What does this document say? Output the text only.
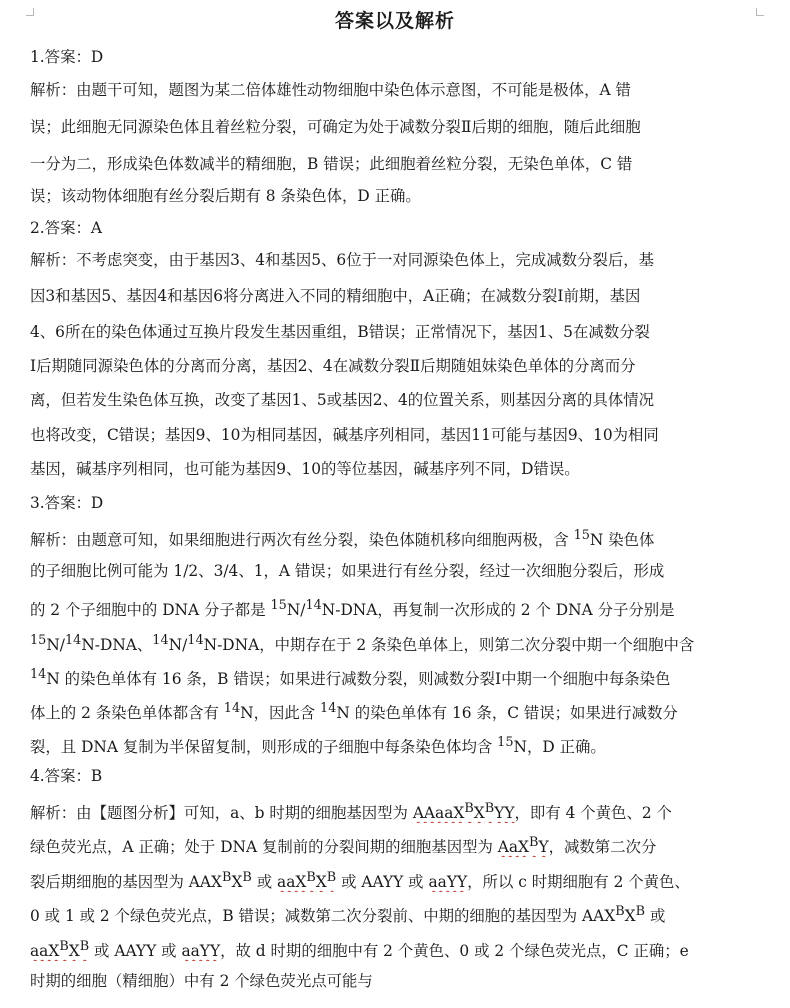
答案以及解析
1.答案：D
解析：由题干可知，题图为某二倍体雄性动物细胞中染色体示意图，不可能是极体，A 错
误；此细胞无同源染色体且着丝粒分裂，可确定为处于减数分裂Ⅱ后期的细胞，随后此细胞
一分为二，形成染色体数减半的精细胞，B 错误；此细胞着丝粒分裂，无染色单体，C 错
误；该动物体细胞有丝分裂后期有 8 条染色体，D 正确。
2.答案：A
解析：不考虑突变，由于基因3、4和基因5、6位于一对同源染色体上，完成减数分裂后，基
因3和基因5、基因4和基因6将分离进入不同的精细胞中，A正确；在减数分裂Ⅰ前期，基因
4、6所在的染色体通过互换片段发生基因重组，B错误；正常情况下，基因1、5在减数分裂
Ⅰ后期随同源染色体的分离而分离，基因2、4在减数分裂Ⅱ后期随姐妹染色单体的分离而分
离，但若发生染色体互换，改变了基因1、5或基因2、4的位置关系，则基因分离的具体情况
也将改变，C错误；基因9、10为相同基因，碱基序列相同，基因11可能与基因9、10为相同
基因，碱基序列相同，也可能为基因9、10的等位基因，碱基序列不同，D错误。
3.答案：D
解析：由题意可知，如果细胞进行两次有丝分裂，染色体随机移向细胞两极，含 $^{15}$N 染色体
的子细胞比例可能为 1/2、3/4、1，A 错误；如果进行有丝分裂，经过一次细胞分裂后，形成
的 2 个子细胞中的 DNA 分子都是 $^{15}$N/$^{14}$N-DNA，再复制一次形成的 2 个 DNA 分子分别是
$^{15}$N/$^{14}$N-DNA、$^{14}$N/$^{14}$N-DNA，中期存在于 2 条染色单体上，则第二次分裂中期一个细胞中含
$^{14}$N 的染色单体有 16 条，B 错误；如果进行减数分裂，则减数分裂Ⅰ中期一个细胞中每条染色
体上的 2 条染色单体都含有 $^{14}$N，因此含 $^{14}$N 的染色单体有 16 条，C 错误；如果进行减数分
裂，且 DNA 复制为半保留复制，则形成的子细胞中每条染色体均含 $^{15}$N，D 正确。
4.答案：B
解析：由【题图分析】可知，a、b 时期的细胞基因型为 $AAaaX^BX^BYY$，即有 4 个黄色、2 个
绿色荧光点，A 正确；处于 DNA 复制前的分裂间期的细胞基因型为 AaX$^B$Y，减数第二次分
裂后期细胞的基因型为 $AAX^BX^B$ 或 $aaX^BX^B$ 或 AAYY 或 aaYY，所以 c 时期细胞有 2 个黄色、
0 或 1 或 2 个绿色荧光点，B 错误；减数第二次分裂前、中期的细胞的基因型为 $AAX^BX^B$ 或
$aaX^BX^B$ 或 AAYY 或 aaYY，故 d 时期的细胞中有 2 个黄色、0 或 2 个绿色荧光点，C 正确；e
时期的细胞（精细胞）中有 2 个绿色荧光点可能与
